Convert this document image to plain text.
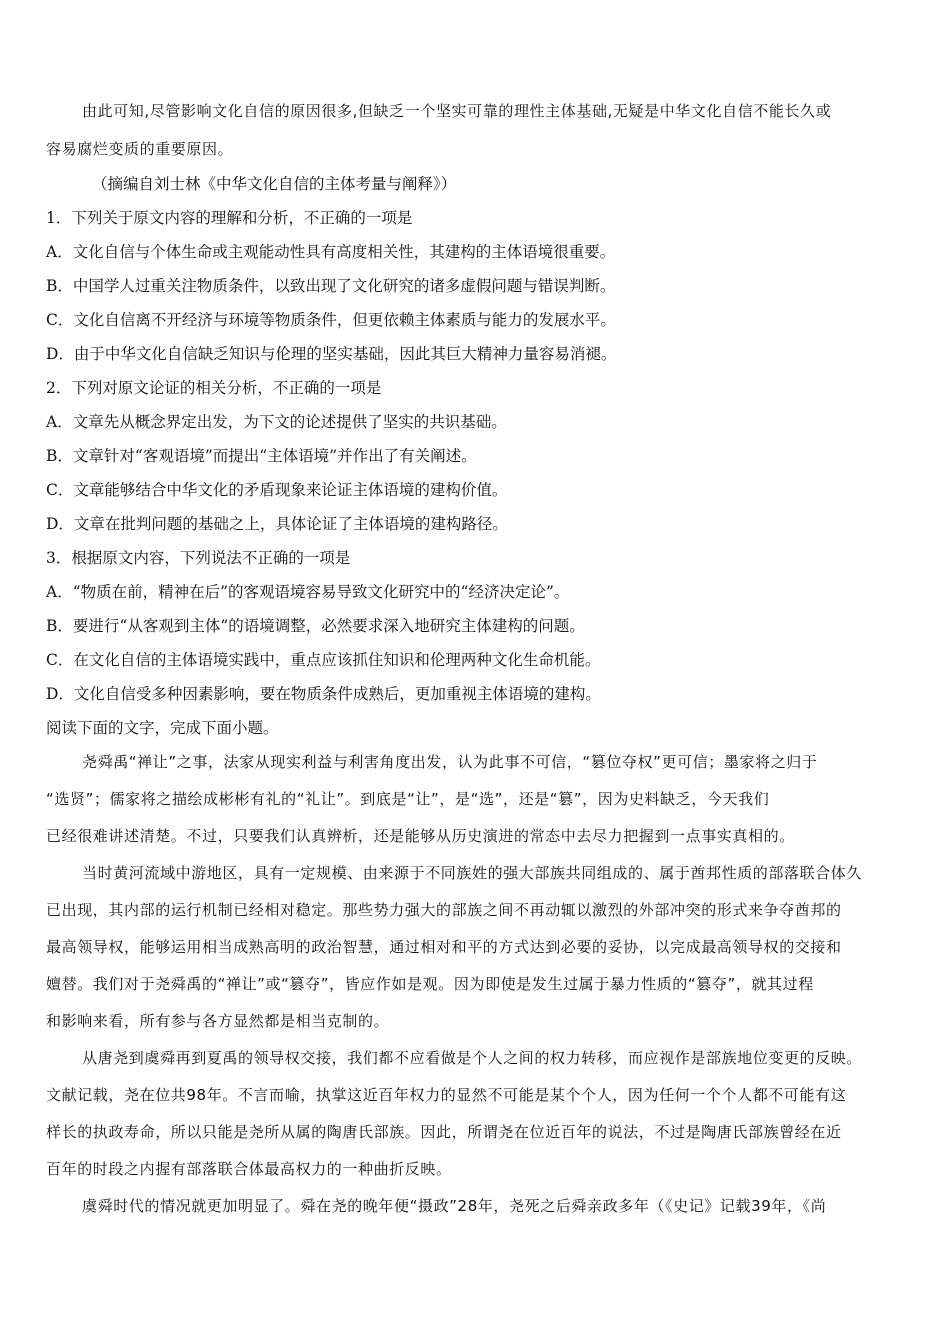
由此可知,尽管影响文化自信的原因很多,但缺乏一个坚实可靠的理性主体基础,无疑是中华文化自信不能长久或
容易腐烂变质的重要原因。
（摘编自刘士林《中华文化自信的主体考量与阐释》）
1．下列关于原文内容的理解和分析，不正确的一项是
A．文化自信与个体生命或主观能动性具有高度相关性，其建构的主体语境很重要。
B．中国学人过重关注物质条件，以致出现了文化研究的诸多虚假问题与错误判断。
C．文化自信离不开经济与环境等物质条件，但更依赖主体素质与能力的发展水平。
D．由于中华文化自信缺乏知识与伦理的坚实基础，因此其巨大精神力量容易消褪。
2．下列对原文论证的相关分析，不正确的一项是
A．文章先从概念界定出发，为下文的论述提供了坚实的共识基础。
B．文章针对“客观语境”而提出“主体语境”并作出了有关阐述。
C．文章能够结合中华文化的矛盾现象来论证主体语境的建构价值。
D．文章在批判问题的基础之上，具体论证了主体语境的建构路径。
3．根据原文内容，下列说法不正确的一项是
A．“物质在前，精神在后”的客观语境容易导致文化研究中的“经济决定论”。
B．要进行“从客观到主体”的语境调整，必然要求深入地研究主体建构的问题。
C．在文化自信的主体语境实践中，重点应该抓住知识和伦理两种文化生命机能。
D．文化自信受多种因素影响，要在物质条件成熟后，更加重视主体语境的建构。
阅读下面的文字，完成下面小题。
尧舜禹“禅让”之事，法家从现实利益与利害角度出发，认为此事不可信，“篡位夺权”更可信；墨家将之归于
“选贤”；儒家将之描绘成彬彬有礼的“礼让”。到底是“让”，是“选”，还是“篡”，因为史料缺乏，今天我们
已经很难讲述清楚。不过，只要我们认真辨析，还是能够从历史演进的常态中去尽力把握到一点事实真相的。
当时黄河流域中游地区，具有一定规模、由来源于不同族姓的强大部族共同组成的、属于酋邦性质的部落联合体久
已出现，其内部的运行机制已经相对稳定。那些势力强大的部族之间不再动辄以激烈的外部冲突的形式来争夺酋邦的
最高领导权，能够运用相当成熟高明的政治智慧，通过相对和平的方式达到必要的妥协，以完成最高领导权的交接和
嬗替。我们对于尧舜禹的“禅让”或“篡夺”，皆应作如是观。因为即使是发生过属于暴力性质的“篡夺”，就其过程
和影响来看，所有参与各方显然都是相当克制的。
从唐尧到虞舜再到夏禹的领导权交接，我们都不应看做是个人之间的权力转移，而应视作是部族地位变更的反映。
文献记载，尧在位共98年。不言而喻，执掌这近百年权力的显然不可能是某个个人，因为任何一个个人都不可能有这
样长的执政寿命，所以只能是尧所从属的陶唐氏部族。因此，所谓尧在位近百年的说法，不过是陶唐氏部族曾经在近
百年的时段之内握有部落联合体最高权力的一种曲折反映。
虞舜时代的情况就更加明显了。舜在尧的晚年便“摄政”28年，尧死之后舜亲政多年（《史记》记载39年，《尚
